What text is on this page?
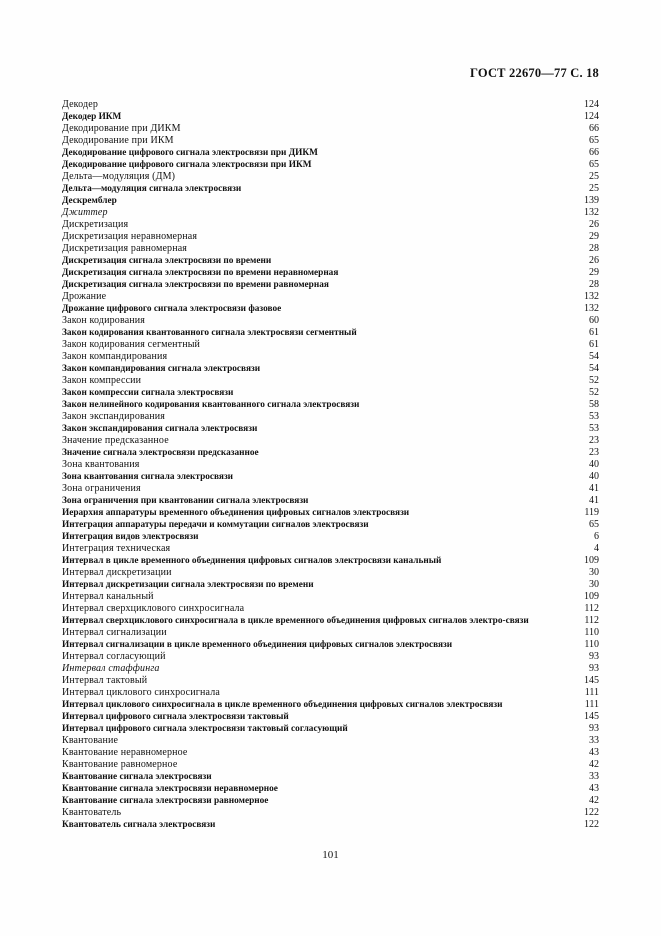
ГОСТ 22670—77 С. 18
Декодер	124
Декодер ИКМ	124
Декодирование при ДИКМ	66
Декодирование при ИКМ	65
Декодирование цифрового сигнала электросвязи при ДИКМ	66
Декодирование цифрового сигнала электросвязи при ИКМ	65
Дельта—модуляция (ДМ)	25
Дельта—модуляция сигнала электросвязи	25
Дескремблер	139
Джиттер	132
Дискретизация	26
Дискретизация неравномерная	29
Дискретизация равномерная	28
Дискретизация сигнала электросвязи по времени	26
Дискретизация сигнала электросвязи по времени неравномерная	29
Дискретизация сигнала электросвязи по времени равномерная	28
Дрожание	132
Дрожание цифрового сигнала электросвязи фазовое	132
Закон кодирования	60
Закон кодирования квантованного сигнала электросвязи сегментный	61
Закон кодирования сегментный	61
Закон компандирования	54
Закон компандирования сигнала электросвязи	54
Закон компрессии	52
Закон компрессии сигнала электросвязи	52
Закон нелинейного кодирования квантованного сигнала электросвязи	58
Закон экспандирования	53
Закон экспандирования сигнала электросвязи	53
Значение предсказанное	23
Значение сигнала электросвязи предсказанное	23
Зона квантования	40
Зона квантования сигнала электросвязи	40
Зона ограничения	41
Зона ограничения при квантовании сигнала электросвязи	41
Иерархия аппаратуры временного объединения цифровых сигналов электросвязи	119
Интеграция аппаратуры передачи и коммутации сигналов электросвязи	65
Интеграция видов электросвязи	6
Интеграция техническая	4
Интервал в цикле временного объединения цифровых сигналов электросвязи канальный	109
Интервал дискретизации	30
Интервал дискретизации сигнала электросвязи по времени	30
Интервал канальный	109
Интервал сверхциклового синхросигнала	112
Интервал сверхциклового синхросигнала в цикле временного объединения цифровых сигналов электро-связи	112
Интервал сигнализации	110
Интервал сигнализации в цикле временного объединения цифровых сигналов электросвязи	110
Интервал согласующий	93
Интервал стаффинга	93
Интервал тактовый	145
Интервал циклового синхросигнала	111
Интервал циклового синхросигнала в цикле временного объединения цифровых сигналов электросвязи	111
Интервал цифрового сигнала электросвязи тактовый	145
Интервал цифрового сигнала электросвязи тактовый согласующий	93
Квантование	33
Квантование неравномерное	43
Квантование равномерное	42
Квантование сигнала электросвязи	33
Квантование сигнала электросвязи неравномерное	43
Квантование сигнала электросвязи равномерное	42
Квантователь	122
Квантователь сигнала электросвязи	122
101
